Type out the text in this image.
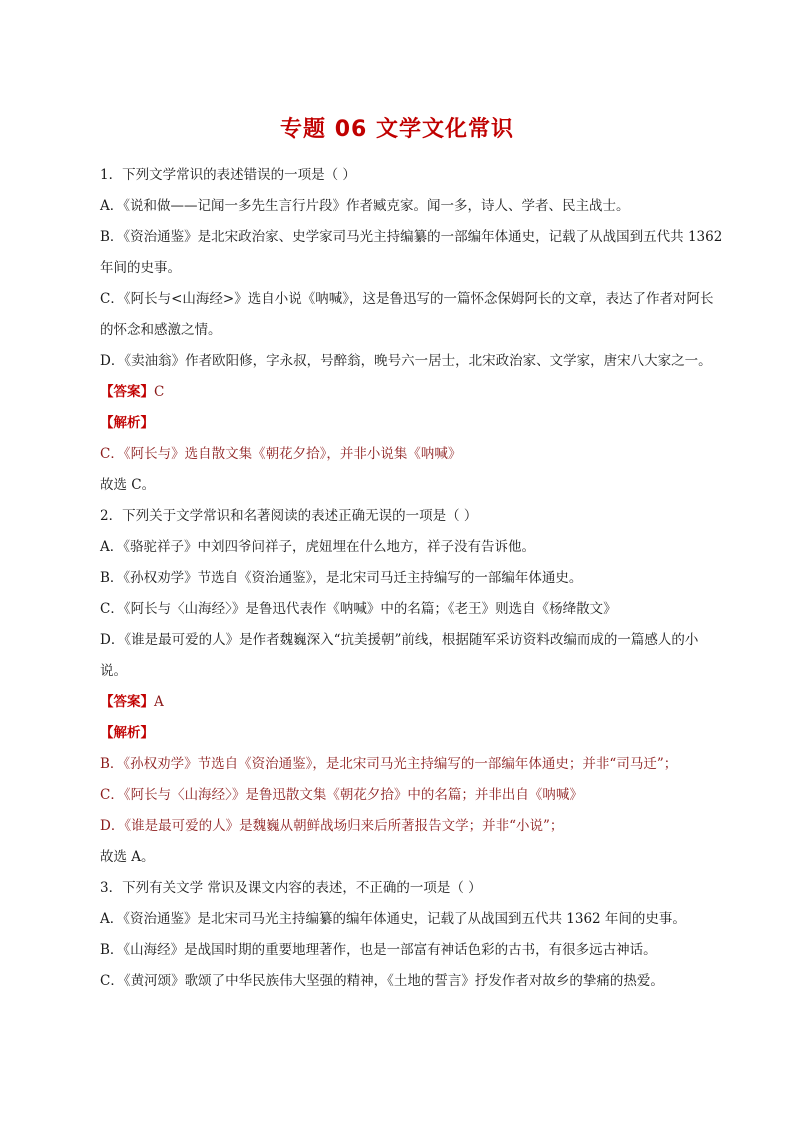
专题 06 文学文化常识
1．下列文学常识的表述错误的一项是（ ）
A．《说和做——记闻一多先生言行片段》作者臧克家。闻一多，诗人、学者、民主战士。
B．《资治通鉴》是北宋政治家、史学家司马光主持编纂的一部编年体通史，记载了从战国到五代共 1362
年间的史事。
C．《阿长与<山海经>》选自小说《呐喊》，这是鲁迅写的一篇怀念保姆阿长的文章，表达了作者对阿长
的怀念和感激之情。
D．《卖油翁》作者欧阳修，字永叔，号醉翁，晚号六一居士，北宋政治家、文学家，唐宋八大家之一。
【答案】C
【解析】
C．《阿长与》选自散文集《朝花夕拾》，并非小说集《呐喊》
故选 C。
2．下列关于文学常识和名著阅读的表述正确无误的一项是（ ）
A．《骆驼祥子》中刘四爷问祥子，虎妞埋在什么地方，祥子没有告诉他。
B．《孙权劝学》节选自《资治通鉴》，是北宋司马迁主持编写的一部编年体通史。
C．《阿长与〈山海经〉》是鲁迅代表作《呐喊》中的名篇；《老王》则选自《杨绛散文》
D．《谁是最可爱的人》是作者魏巍深入“抗美援朝”前线，根据随军采访资料改编而成的一篇感人的小
说。
【答案】A
【解析】
B．《孙权劝学》节选自《资治通鉴》，是北宋司马光主持编写的一部编年体通史；并非“司马迁”；
C．《阿长与〈山海经〉》是鲁迅散文集《朝花夕拾》中的名篇；并非出自《呐喊》
D．《谁是最可爱的人》是魏巍从朝鲜战场归来后所著报告文学；并非“小说”；
故选 A。
3．下列有关文学 常识及课文内容的表述，不正确的一项是（ ）
A．《资治通鉴》是北宋司马光主持编纂的编年体通史，记载了从战国到五代共 1362 年间的史事。
B．《山海经》是战国时期的重要地理著作，也是一部富有神话色彩的古书，有很多远古神话。
C．《黄河颂》歌颂了中华民族伟大坚强的精神，《土地的誓言》抒发作者对故乡的挚痛的热爱。
